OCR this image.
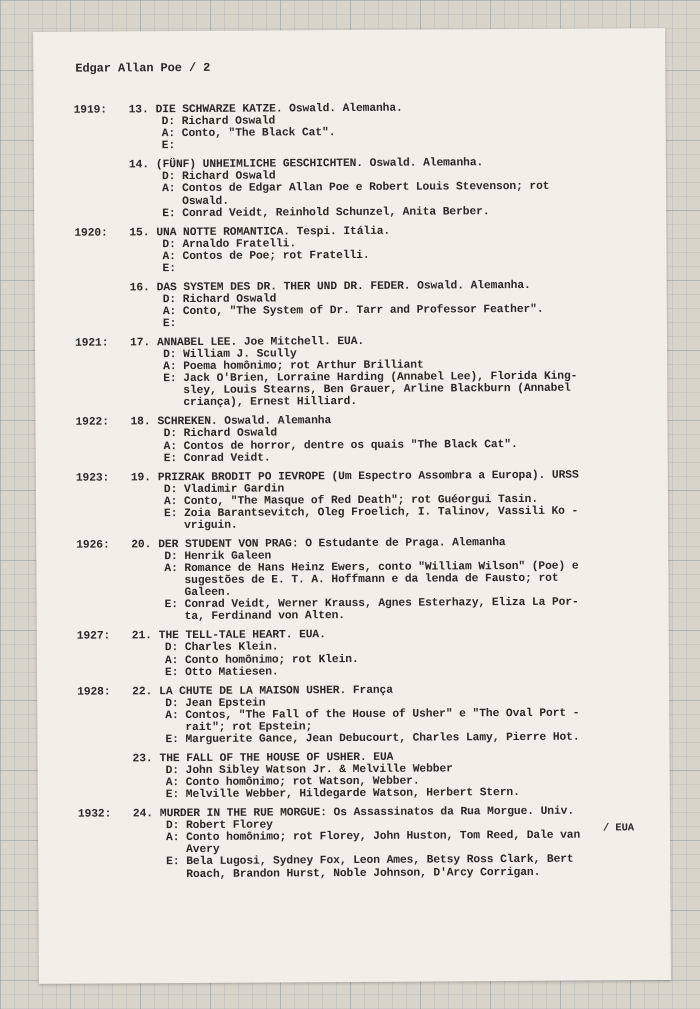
Edgar Allan Poe / 2
/ EUA
1919: 13. DIE SCHWARZE KATZE. Oswald. Alemanha.
D: Richard Oswald
A: Conto, "The Black Cat".
E:
14. (FÜNF) UNHEIMLICHE GESCHICHTEN. Oswald. Alemanha.
D: Richard Oswald
A: Contos de Edgar Allan Poe e Robert Louis Stevenson; rot
Oswald.
E: Conrad Veidt, Reinhold Schunzel, Anita Berber.
1920: 15. UNA NOTTE ROMANTICA. Tespi. Itália.
D: Arnaldo Fratelli.
A: Contos de Poe; rot Fratelli.
E:
16. DAS SYSTEM DES DR. THER UND DR. FEDER. Oswald. Alemanha.
D: Richard Oswald
A: Conto, "The System of Dr. Tarr and Professor Feather".
E:
1921: 17. ANNABEL LEE. Joe Mitchell. EUA.
D: William J. Scully
A: Poema homônimo; rot Arthur Brilliant
E: Jack O'Brien, Lorraine Harding (Annabel Lee), Florida King-
sley, Louis Stearns, Ben Grauer, Arline Blackburn (Annabel
criança), Ernest Hilliard.
1922: 18. SCHREKEN. Oswald. Alemanha
D: Richard Oswald
A: Contos de horror, dentre os quais "The Black Cat".
E: Conrad Veidt.
1923: 19. PRIZRAK BRODIT PO IEVROPE (Um Espectro Assombra a Europa). URSS
D: Vladimir Gardin
A: Conto, "The Masque of Red Death"; rot Guéorgui Tasin.
E: Zoia Barantsevitch, Oleg Froelich, I. Talinov, Vassili Ko -
vriguin.
1926: 20. DER STUDENT VON PRAG: O Estudante de Praga. Alemanha
D: Henrik Galeen
A: Romance de Hans Heinz Ewers, conto "William Wilson" (Poe) e
sugestões de E. T. A. Hoffmann e da lenda de Fausto; rot
Galeen.
E: Conrad Veidt, Werner Krauss, Agnes Esterhazy, Eliza La Por-
ta, Ferdinand von Alten.
1927: 21. THE TELL-TALE HEART. EUA.
D: Charles Klein.
A: Conto homônimo; rot Klein.
E: Otto Matiesen.
1928: 22. LA CHUTE DE LA MAISON USHER. França
D: Jean Epstein
A: Contos, "The Fall of the House of Usher" e "The Oval Port -
rait"; rot Epstein;
E: Marguerite Gance, Jean Debucourt, Charles Lamy, Pierre Hot.
23. THE FALL OF THE HOUSE OF USHER. EUA
D: John Sibley Watson Jr. & Melville Webber
A: Conto homônimo; rot Watson, Webber.
E: Melville Webber, Hildegarde Watson, Herbert Stern.
1932: 24. MURDER IN THE RUE MORGUE: Os Assassinatos da Rua Morgue. Univ.
D: Robert Florey
A: Conto homônimo; rot Florey, John Huston, Tom Reed, Dale van
Avery
E: Bela Lugosi, Sydney Fox, Leon Ames, Betsy Ross Clark, Bert
Roach, Brandon Hurst, Noble Johnson, D'Arcy Corrigan.
